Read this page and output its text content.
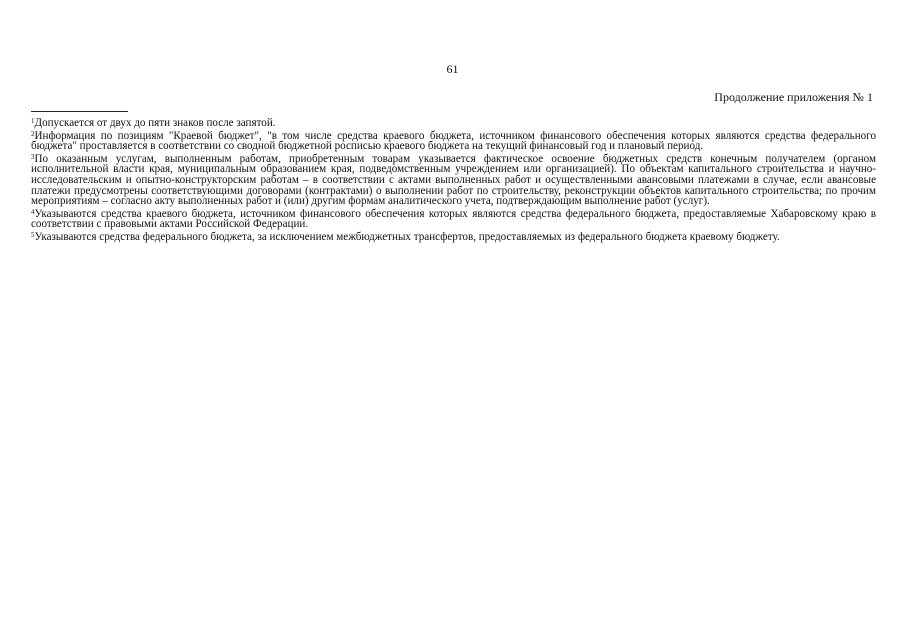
61
Продолжение приложения № 1

$^1$Допускается от двух до пяти знаков после запятой.

$^2$Информация по позициям "Краевой бюджет", "в том числе средства краевого бюджета, источником финансового обеспечения которых являются средства федерального бюджета" проставляется в соответствии со сводной бюджетной росписью краевого бюджета на текущий финансовый год и плановый период.

$^3$По оказанным услугам, выполненным работам, приобретенным товарам указывается фактическое освоение бюджетных средств конечным получателем (органом исполнительной власти края, муниципальным образованием края, подведомственным учреждением или организацией). По объектам капитального строительства и научно-исследовательским и опытно-конструкторским работам – в соответствии с актами выполненных работ и осуществленными авансовыми платежами в случае, если авансовые платежи предусмотрены соответствующими договорами (контрактами) о выполнении работ по строительству, реконструкции объектов капитального строительства; по прочим мероприятиям – согласно акту выполненных работ и (или) другим формам аналитического учета, подтверждающим выполнение работ (услуг).

$^4$Указываются средства краевого бюджета, источником финансового обеспечения которых являются средства федерального бюджета, предоставляемые Хабаровскому краю в соответствии с правовыми актами Российской Федерации.

$^5$Указываются средства федерального бюджета, за исключением межбюджетных трансфертов, предоставляемых из федерального бюджета краевому бюджету.
